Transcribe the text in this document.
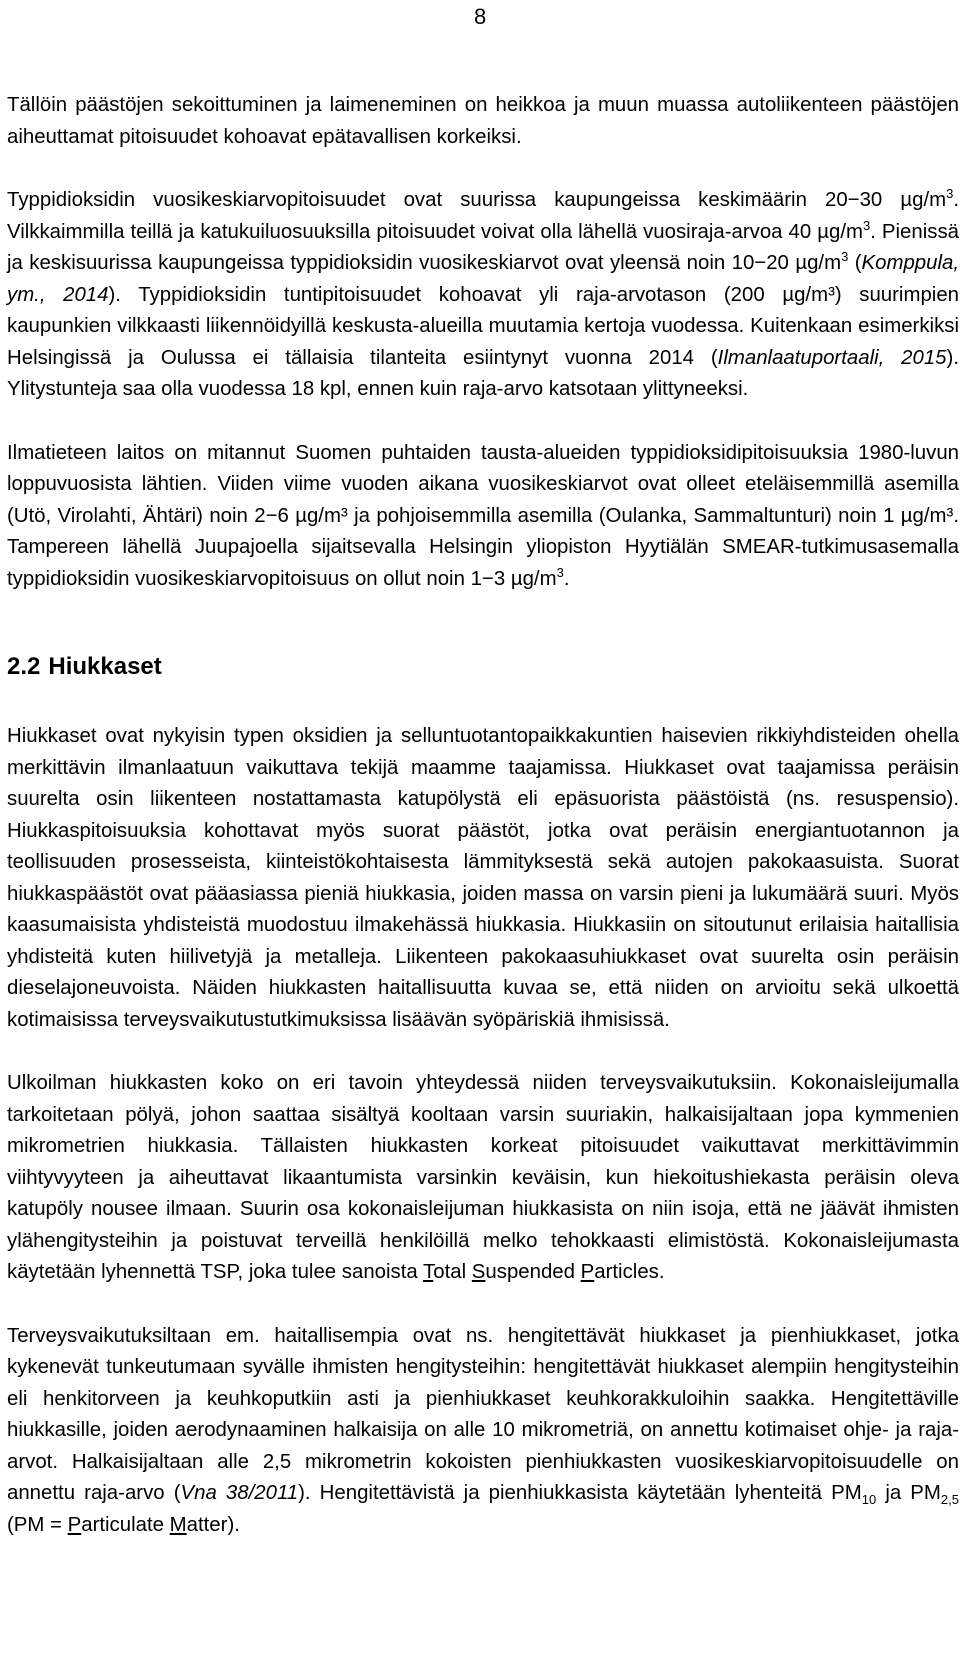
8

Tällöin päästöjen sekoittuminen ja laimeneminen on heikkoa ja muun muassa autoliikenteen päästöjen aiheuttamat pitoisuudet kohoavat epätavallisen korkeiksi.

Typpidioksidin vuosikeskiarvopitoisuudet ovat suurissa kaupungeissa keskimäärin 20−30 $\mu g/m^3$. Vilkkaimmilla teillä ja katukuiluosuuksilla pitoisuudet voivat olla lähellä vuosiraja-arvoa 40 $\mu g/m^3$. Pienissä ja keskisuurissa kaupungeissa typpidioksidin vuosikeskiarvot ovat yleensä noin 10−20 $\mu g/m^3$ (Komppula, ym., 2014). Typpidioksidin tuntipitoisuudet kohoavat yli raja-arvotason (200 µg/m³) suurimpien kaupunkien vilkkaasti liikennöidyillä keskusta-alueilla muutamia kertoja vuodessa. Kuitenkaan esimerkiksi Helsingissä ja Oulussa ei tällaisia tilanteita esiintynyt vuonna 2014 (Ilmanlaatuportaali, 2015). Ylitystunteja saa olla vuodessa 18 kpl, ennen kuin raja-arvo katsotaan ylittyneeksi.

Ilmatieteen laitos on mitannut Suomen puhtaiden tausta-alueiden typpidioksidipitoisuuksia 1980-luvun loppuvuosista lähtien. Viiden viime vuoden aikana vuosikeskiarvot ovat olleet eteläisemmillä asemilla (Utö, Virolahti, Ähtäri) noin 2−6 µg/m³ ja pohjoisemmilla asemilla (Oulanka, Sammaltunturi) noin 1 µg/m³. Tampereen lähellä Juupajoella sijaitsevalla Helsingin yliopiston Hyytiälän SMEAR-tutkimusasemalla typpidioksidin vuosikeskiarvopitoisuus on ollut noin 1−3 $\mu g/m^3$.

2.2 Hiukkaset

Hiukkaset ovat nykyisin typen oksidien ja selluntuotantopaikkakuntien haisevien rikkiyhdisteiden ohella merkittävin ilmanlaatuun vaikuttava tekijä maamme taajamissa. Hiukkaset ovat taajamissa peräisin suurelta osin liikenteen nostattamasta katupölystä eli epäsuorista päästöistä (ns. resuspensio). Hiukkaspitoisuuksia kohottavat myös suorat päästöt, jotka ovat peräisin energiantuotannon ja teollisuuden prosesseista, kiinteistökohtaisesta lämmityksestä sekä autojen pakokaasuista. Suorat hiukkaspäästöt ovat pääasiassa pieniä hiukkasia, joiden massa on varsin pieni ja lukumäärä suuri. Myös kaasumaisista yhdisteistä muodostuu ilmakehässä hiukkasia. Hiukkasiin on sitoutunut erilaisia haitallisia yhdisteitä kuten hiilivetyjä ja metalleja. Liikenteen pakokaasuhiukkaset ovat suurelta osin peräisin dieselajoneuvoista. Näiden hiukkasten haitallisuutta kuvaa se, että niiden on arvioitu sekä ulkoettä kotimaisissa terveysvaikutustutkimuksissa lisäävän syöpäriskiä ihmisissä.

Ulkoilman hiukkasten koko on eri tavoin yhteydessä niiden terveysvaikutuksiin. Kokonaisleijumalla tarkoitetaan pölyä, johon saattaa sisältyä kooltaan varsin suuriakin, halkaisijaltaan jopa kymmenien mikrometrien hiukkasia. Tällaisten hiukkasten korkeat pitoisuudet vaikuttavat merkittävimmin viihtyvyyteen ja aiheuttavat likaantumista varsinkin keväisin, kun hiekoitushiekasta peräisin oleva katupöly nousee ilmaan. Suurin osa kokonaisleijuman hiukkasista on niin isoja, että ne jäävät ihmisten ylähengitysteihin ja poistuvat terveillä henkilöillä melko tehokkaasti elimistöstä. Kokonaisleijumasta käytetään lyhennettä TSP, joka tulee sanoista Total Suspended Particles.

Terveysvaikutuksiltaan em. haitallisempia ovat ns. hengitettävät hiukkaset ja pienhiukkaset, jotka kykenevät tunkeutumaan syvälle ihmisten hengitysteihin: hengitettävät hiukkaset alempiin hengitysteihin eli henkitorveen ja keuhkoputkiin asti ja pienhiukkaset keuhkorakkuloihin saakka. Hengitettäville hiukkasille, joiden aerodynaaminen halkaisija on alle 10 mikrometriä, on annettu kotimaiset ohje- ja raja-arvot. Halkaisijaltaan alle 2,5 mikrometrin kokoisten pienhiukkasten vuosikeskiarvopitoisuudelle on annettu raja-arvo (Vna 38/2011). Hengitettävistä ja pienhiukkasista käytetään lyhenteitä $PM_{10}$ ja $PM_{2,5}$ (PM = Particulate Matter).
